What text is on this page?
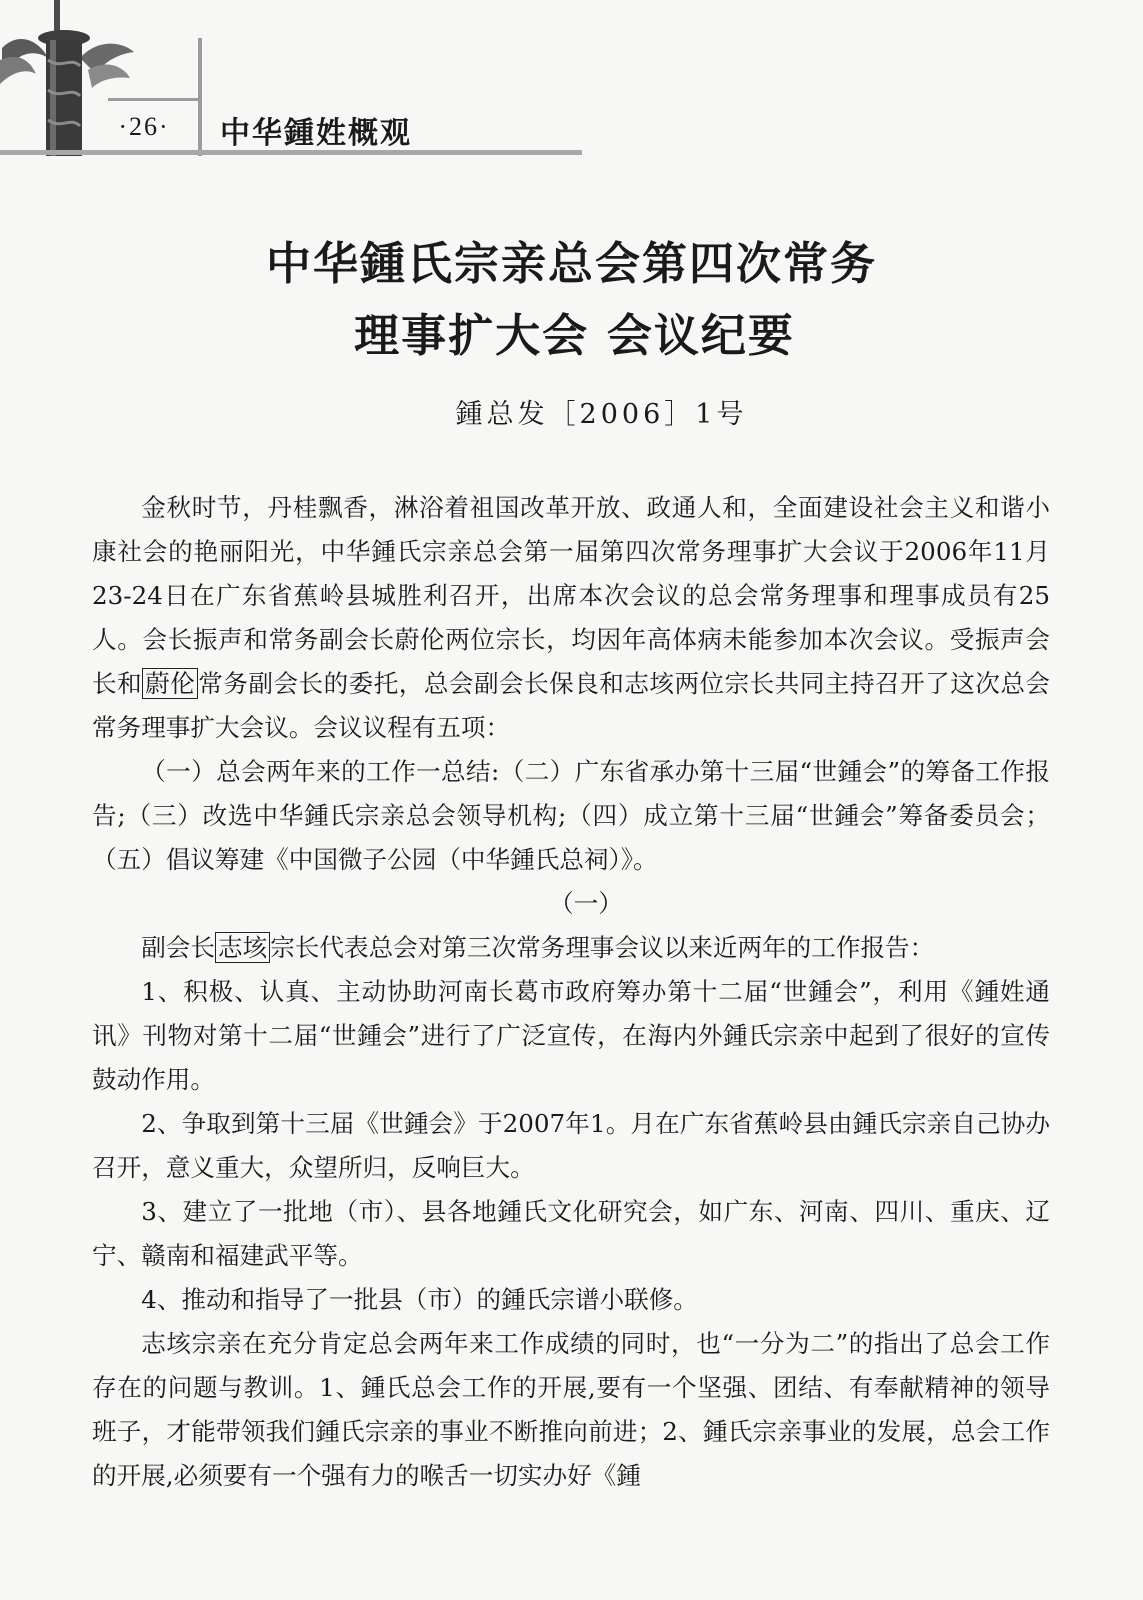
·26·	中华鍾姓概观
中华鍾氏宗亲总会第四次常务
理事扩大会 会议纪要
鍾总发［2006］1号

金秋时节，丹桂飘香，淋浴着祖国改革开放、政通人和，全面建设社会主义和谐小康社会的艳丽阳光，中华鍾氏宗亲总会第一届第四次常务理事扩大会议于2006年11月23-24日在广东省蕉岭县城胜利召开，出席本次会议的总会常务理事和理事成员有25人。会长振声和常务副会长蔚伦两位宗长，均因年高体病未能参加本次会议。受振声会长和 蔚伦 常务副会长的委托，总会副会长保良和志垓两位宗长共同主持召开了这次总会常务理事扩大会议。会议议程有五项：

（一）总会两年来的工作一总结:（二）广东省承办第十三届“世鍾会”的筹备工作报告;（三）改选中华鍾氏宗亲总会领导机构;（四）成立第十三届“世鍾会”筹备委员会；（五）倡议筹建《中国微子公园（中华鍾氏总祠）》。

（一）

副会长 志垓 宗长代表总会对第三次常务理事会议以来近两年的工作报告：

1、积极、认真、主动协助河南长葛市政府筹办第十二届“世鍾会”，利用《鍾姓通讯》刊物对第十二届“世鍾会”进行了广泛宣传，在海内外鍾氏宗亲中起到了很好的宣传鼓动作用。

2、争取到第十三届《世鍾会》于2007年1。月在广东省蕉岭县由鍾氏宗亲自己协办召开，意义重大，众望所归，反响巨大。

3、建立了一批地（市）、县各地鍾氏文化研究会，如广东、河南、四川、重庆、辽宁、赣南和福建武平等。

4、推动和指导了一批县（市）的鍾氏宗谱小联修。

志垓宗亲在充分肯定总会两年来工作成绩的同时，也“一分为二”的指出了总会工作存在的问题与教训。1、鍾氏总会工作的开展,要有一个坚强、团结、有奉献精神的领导班子，才能带领我们鍾氏宗亲的事业不断推向前进；2、鍾氏宗亲事业的发展，总会工作的开展,必须要有一个强有力的喉舌一切实办好《鍾
